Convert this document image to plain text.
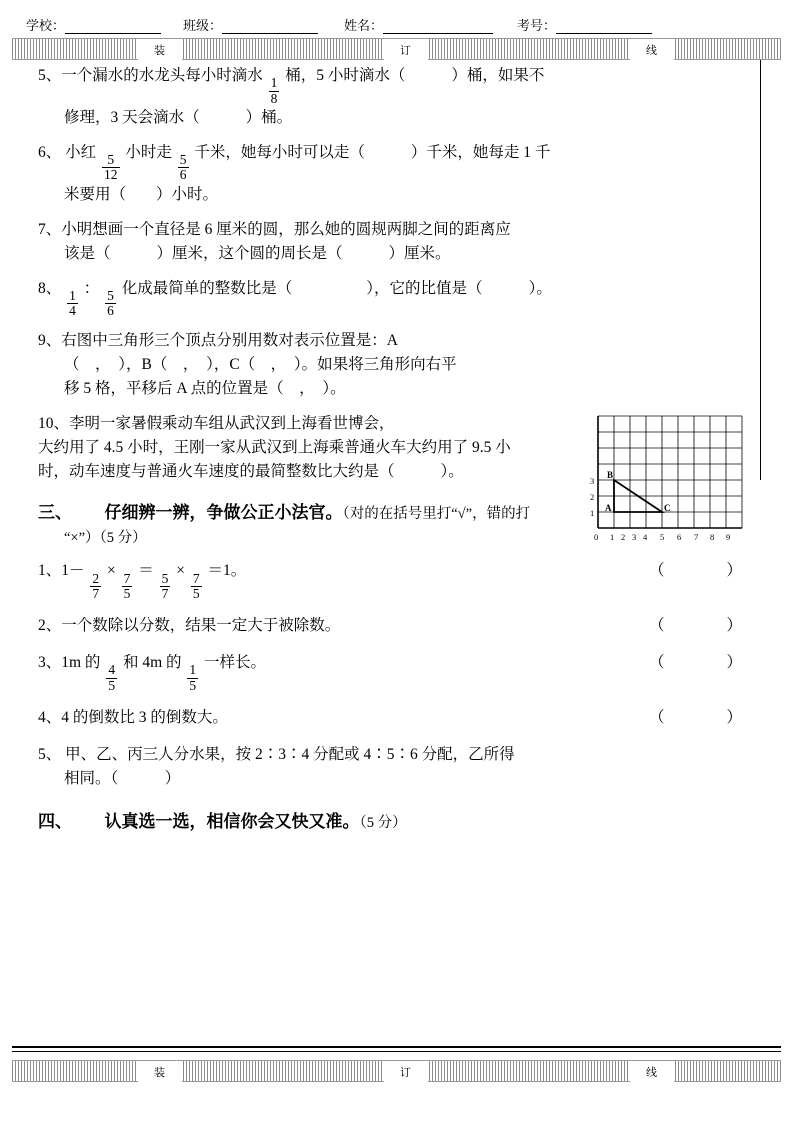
学校：	班级：	姓名：	考号：
装	订	线
5、一个漏水的水龙头每小时滴水
$\frac{1}{8}$
桶，5 小时滴水（	）桶，如果不
修理，3 天会滴水（	）桶。
6、 小红
$\frac{5}{12}$
小时走
$\frac{5}{6}$
千米，她每小时可以走（	）千米，她每走 1 千
米要用（ ）小时。
7、小明想画一个直径是 6 厘米的圆，那么她的圆规两脚之间的距离应
该是（	）厘米，这个圆的周长是（	）厘米。
8、
$\frac{1}{4}$
：
$\frac{5}{6}$
化成最简单的整数比是（	），它的比值是（	）。
9、右图中三角形三个顶点分别用数对表示位置是：A
（　，　），B（　，　），C（　，　）。如果将三角形向右平
移 5 格，平移后 A 点的位置是（　，　）。
10、李明一家暑假乘动车组从武汉到上海看世博会，
大约用了 4.5 小时，王刚一家从武汉到上海乘普通火车大约用了 9.5 小
时，动车速度与普通火车速度的最简整数比大约是（	）。
三、 仔细辨一辨，争做公正小法官。（对的在括号里打“√”，错的打
“×”）（5 分）
1、1－
$\frac{2}{7}$
×
$\frac{7}{5}$
＝
$\frac{5}{7}$
×
$\frac{7}{5}$
＝1。	（　　　　）
2、一个数除以分数，结果一定大于被除数。	（　　　　）
3、1m 的
$\frac{4}{5}$
和 4m 的
$\frac{1}{5}$
一样长。	（　　　　）
4、4 的倒数比 3 的倒数大。	（　　　　）
5、 甲、乙、丙三人分水果，按 2∶3∶4 分配或 4∶5∶6 分配，乙所得
相同。（　　　）
四、 认真选一选，相信你会又快又准。（5 分）
B
A	C
3
2
1
0 1 2 3 4 5 6 7 8 9
装	订	线
